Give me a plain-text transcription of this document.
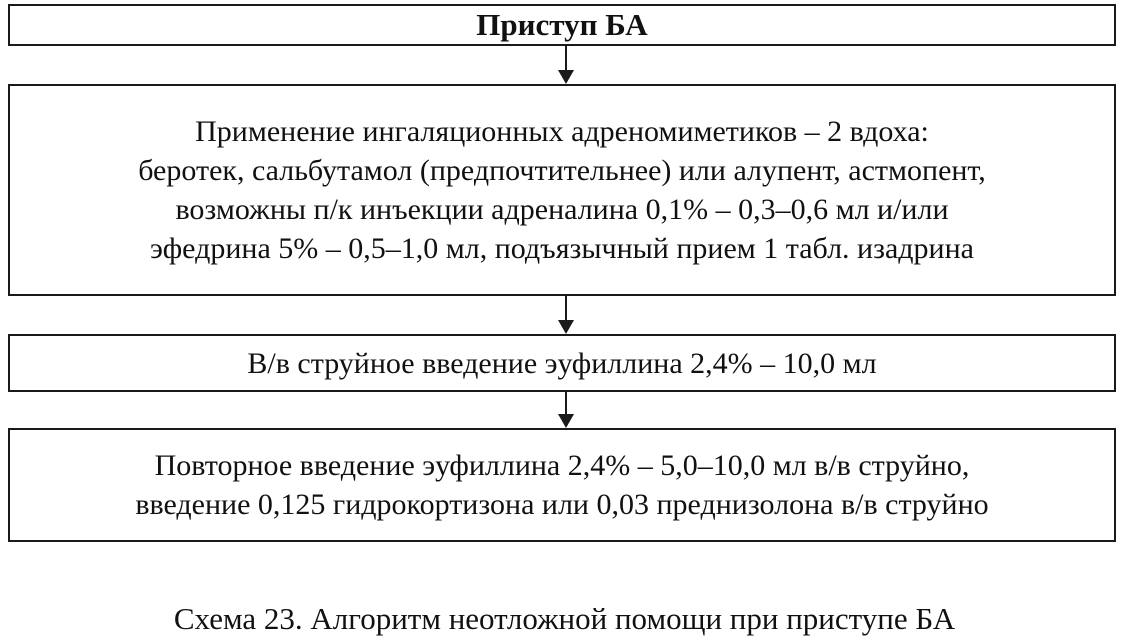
Приступ БА
Применение ингаляционных адреномиметиков – 2 вдоха:
беротек, сальбутамол (предпочтительнее) или алупент, астмопент,
возможны п/к инъекции адреналина 0,1% – 0,3–0,6 мл и/или
эфедрина 5% – 0,5–1,0 мл, подъязычный прием 1 табл. изадрина
В/в струйное введение эуфиллина 2,4% – 10,0 мл
Повторное введение эуфиллина 2,4% – 5,0–10,0 мл в/в струйно,
введение 0,125 гидрокортизона или 0,03 преднизолона в/в струйно
Схема 23. Алгоритм неотложной помощи при приступе БА
